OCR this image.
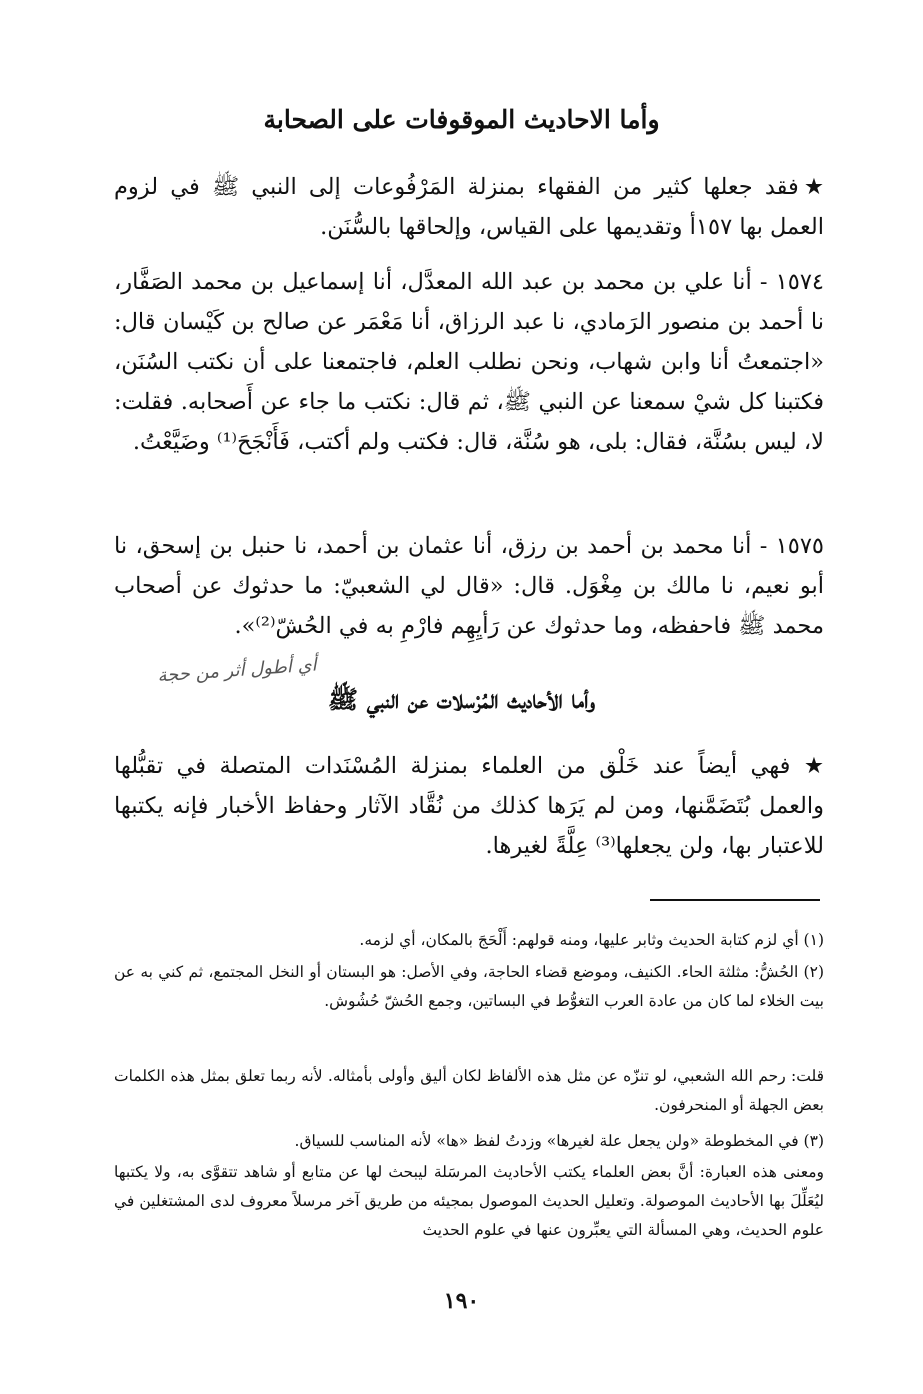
وأما الاحاديث الموقوفات على الصحابة

★فقد جعلها كثير من الفقهاء بمنزلة المَرْفُوعات إلى النبي ﷺ في لزوم العمل بها ١٥٧أ وتقديمها على القياس، وإلحاقها بالسُّنَن.

١٥٧٤ - أنا علي بن محمد بن عبد الله المعدَّل، أنا إسماعيل بن محمد الصَفَّار، نا أحمد بن منصور الرَمادي، نا عبد الرزاق، أنا مَعْمَر عن صالح بن كَيْسان قال: «اجتمعتُ أنا وابن شهاب، ونحن نطلب العلم، فاجتمعنا على أن نكتب السُنَن، فكتبنا كل شيْ سمعنا عن النبي ﷺ، ثم قال: نكتب ما جاء عن أَصحابه. فقلت: لا، ليس بسُنَّة، فقال: بلى، هو سُنَّة، قال: فكتب ولم أكتب، فَأَنْجَحَ⁽¹⁾ وضَيَّعْتُ.

١٥٧٥ - أنا محمد بن أحمد بن رزق، أنا عثمان بن أحمد، نا حنبل بن إسحق، نا أبو نعيم، نا مالك بن مِغْوَل. قال: «قال لي الشعبيّ: ما حدثوك عن أصحاب محمد ﷺ فاحفظه، وما حدثوك عن رَأيِهِم فارْمِ به في الحُشّ⁽²⁾».

أي أطول أثر من حجة
وأما الأحاديث المُرْسلات عن النبي ﷺ

★ فهي أيضاً عند خَلْق من العلماء بمنزلة المُسْنَدات المتصلة في تقبُّلها والعمل بُتَضَمَّنها، ومن لم يَرَها كذلك من نُقَّاد الآثار وحفاظ الأخبار فإنه يكتبها للاعتبار بها، ولن يجعلها⁽³⁾ عِلَّةً لغيرها.

(١) أي لزم كتابة الحديث وثابر عليها، ومنه قولهم: أَلْحَجَ بالمكان، أي لزمه.

(٢) الحُشُّ: مثلثة الحاء. الكنيف، وموضع قضاء الحاجة، وفي الأصل: هو البستان أو النخل المجتمع، ثم كني به عن بيت الخلاء لما كان من عادة العرب التغوُّط في البساتين، وجمع الحُشّ حُشُوش.

قلت: رحم الله الشعبي، لو تنزّه عن مثل هذه الألفاظ لكان أليق وأولى بأمثاله. لأنه ربما تعلق بمثل هذه الكلمات بعض الجهلة أو المنحرفون.

(٣) في المخطوطة «ولن يجعل علة لغيرها» وزدتُ لفظ «ها» لأنه المناسب للسياق.

ومعنى هذه العبارة: أنَّ بعض العلماء يكتب الأحاديث المرسَلة ليبحث لها عن متابع أو شاهد تتقوَّى به، ولا يكتبها ليُعَلِّلَ بها الأحاديث الموصولة. وتعليل الحديث الموصول بمجيئه من طريق آخر مرسلاً معروف لدى المشتغلين في علوم الحديث، وهي المسألة التي يعبِّرون عنها في علوم الحديث

١٩٠
